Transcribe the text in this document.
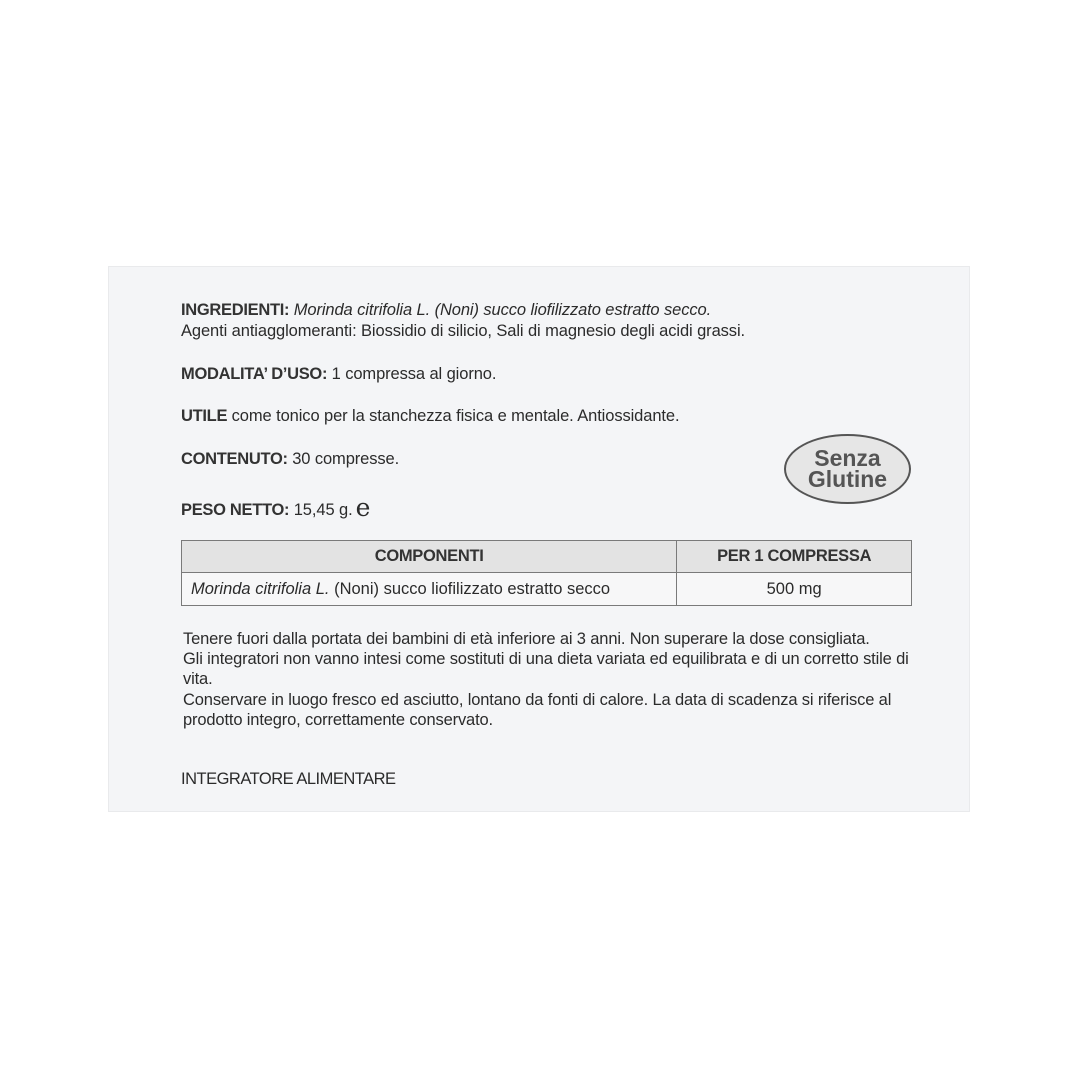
INGREDIENTI: Morinda citrifolia L. (Noni) succo liofilizzato estratto secco.
Agenti antiagglomeranti: Biossidio di silicio, Sali di magnesio degli acidi grassi.
MODALITA’ D’USO: 1 compressa al giorno.
UTILE come tonico per la stanchezza fisica e mentale. Antiossidante.
CONTENUTO: 30 compresse.
PESO NETTO: 15,45 g. e
Senza
Glutine
COMPONENTI	PER 1 COMPRESSA
Morinda citrifolia L. (Noni) succo liofilizzato estratto secco	500 mg

Tenere fuori dalla portata dei bambini di età inferiore ai 3 anni. Non superare la dose consigliata.

Gli integratori non vanno intesi come sostituti di una dieta variata ed equilibrata e di un corretto stile di vita.

Conservare in luogo fresco ed asciutto, lontano da fonti di calore. La data di scadenza si riferisce al prodotto integro, correttamente conservato.

INTEGRATORE ALIMENTARE
